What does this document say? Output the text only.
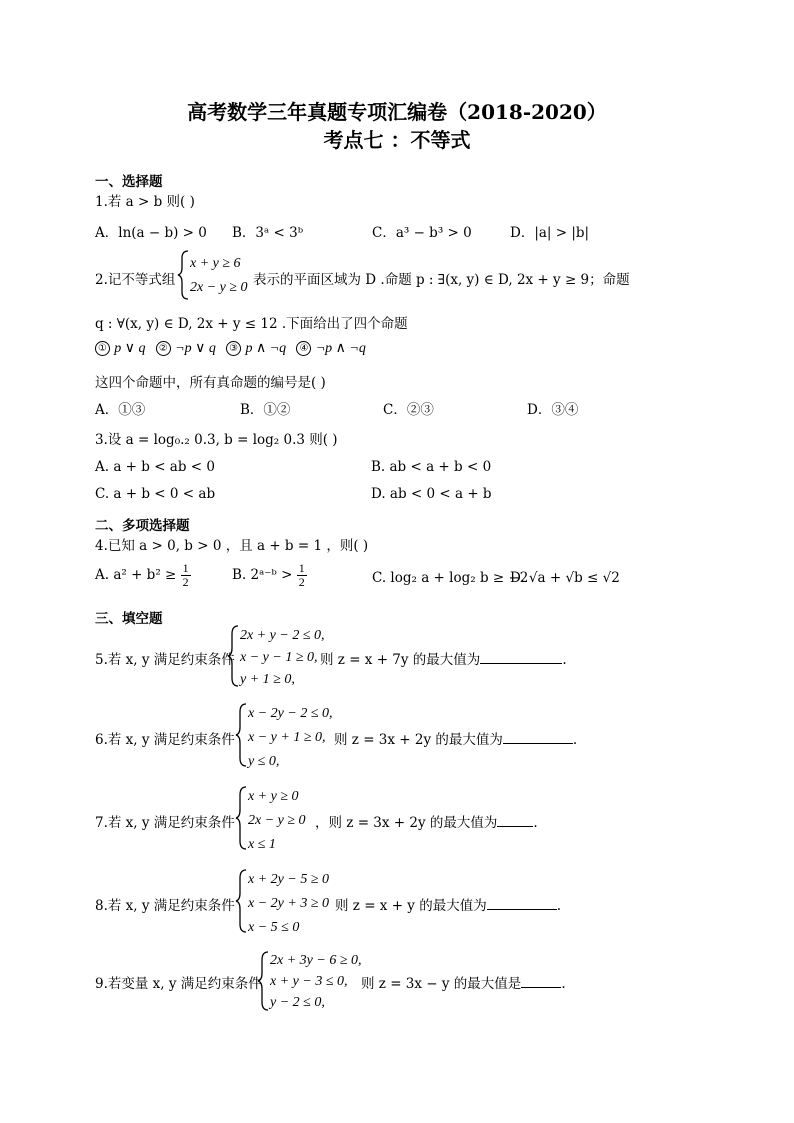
高考数学三年真题专项汇编卷（2018-2020）
考点七 ：不等式
一、选择题
1.若 a > b 则( )
A．ln(a − b) > 0 B．3ᵃ < 3ᵇ	C．a³ − b³ > 0	D．|a| > |b|
2.记不等式组
x + y ≥ 6
2x − y ≥ 0 表示的平面区域为 D .命题 p : ∃(x, y) ∈ D, 2x + y ≥ 9；命题
q : ∀(x, y) ∈ D, 2x + y ≤ 12 .下面给出了四个命题
① p ∨ q ② ¬p ∨ q ③ p ∧ ¬q ④ ¬p ∧ ¬q
这四个命题中，所有真命题的编号是( )
A．①③	B．①②	C．②③	D．③④
3.设 a = log₀.₂ 0.3, b = log₂ 0.3 则( )
A. a + b < ab < 0	B. ab < a + b < 0
C. a + b < 0 < ab	D. ab < 0 < a + b
二、多项选择题
4.已知 a > 0, b > 0 ，且 a + b = 1 ，则( )
A. $a^2 + b^2 \ge \frac{1}{2}$	B. 2ᵃ⁻ᵇ > $\frac{1}{2}$	C. log₂ a + log₂ b ≥ −2
D. √a + √b ≤ √2
三、填空题
5.若 x, y 满足约束条件
2x + y − 2 ≤ 0,
x − y − 1 ≥ 0,
y + 1 ≥ 0,
则 z = x + 7y 的最大值为	.
6.若 x, y 满足约束条件
x − 2y − 2 ≤ 0,
x − y + 1 ≥ 0,
y ≤ 0,
则 z = 3x + 2y 的最大值为	.
7.若 x, y 满足约束条件
x + y ≥ 0
2x − y ≥ 0
x ≤ 1
，则 z = 3x + 2y 的最大值为	.
8.若 x, y 满足约束条件
x + 2y − 5 ≥ 0
x − 2y + 3 ≥ 0
x − 5 ≤ 0
则 z = x + y 的最大值为	.
9.若变量 x, y 满足约束条件
2x + 3y − 6 ≥ 0,
x + y − 3 ≤ 0,
y − 2 ≤ 0,
则 z = 3x − y 的最大值是	.
